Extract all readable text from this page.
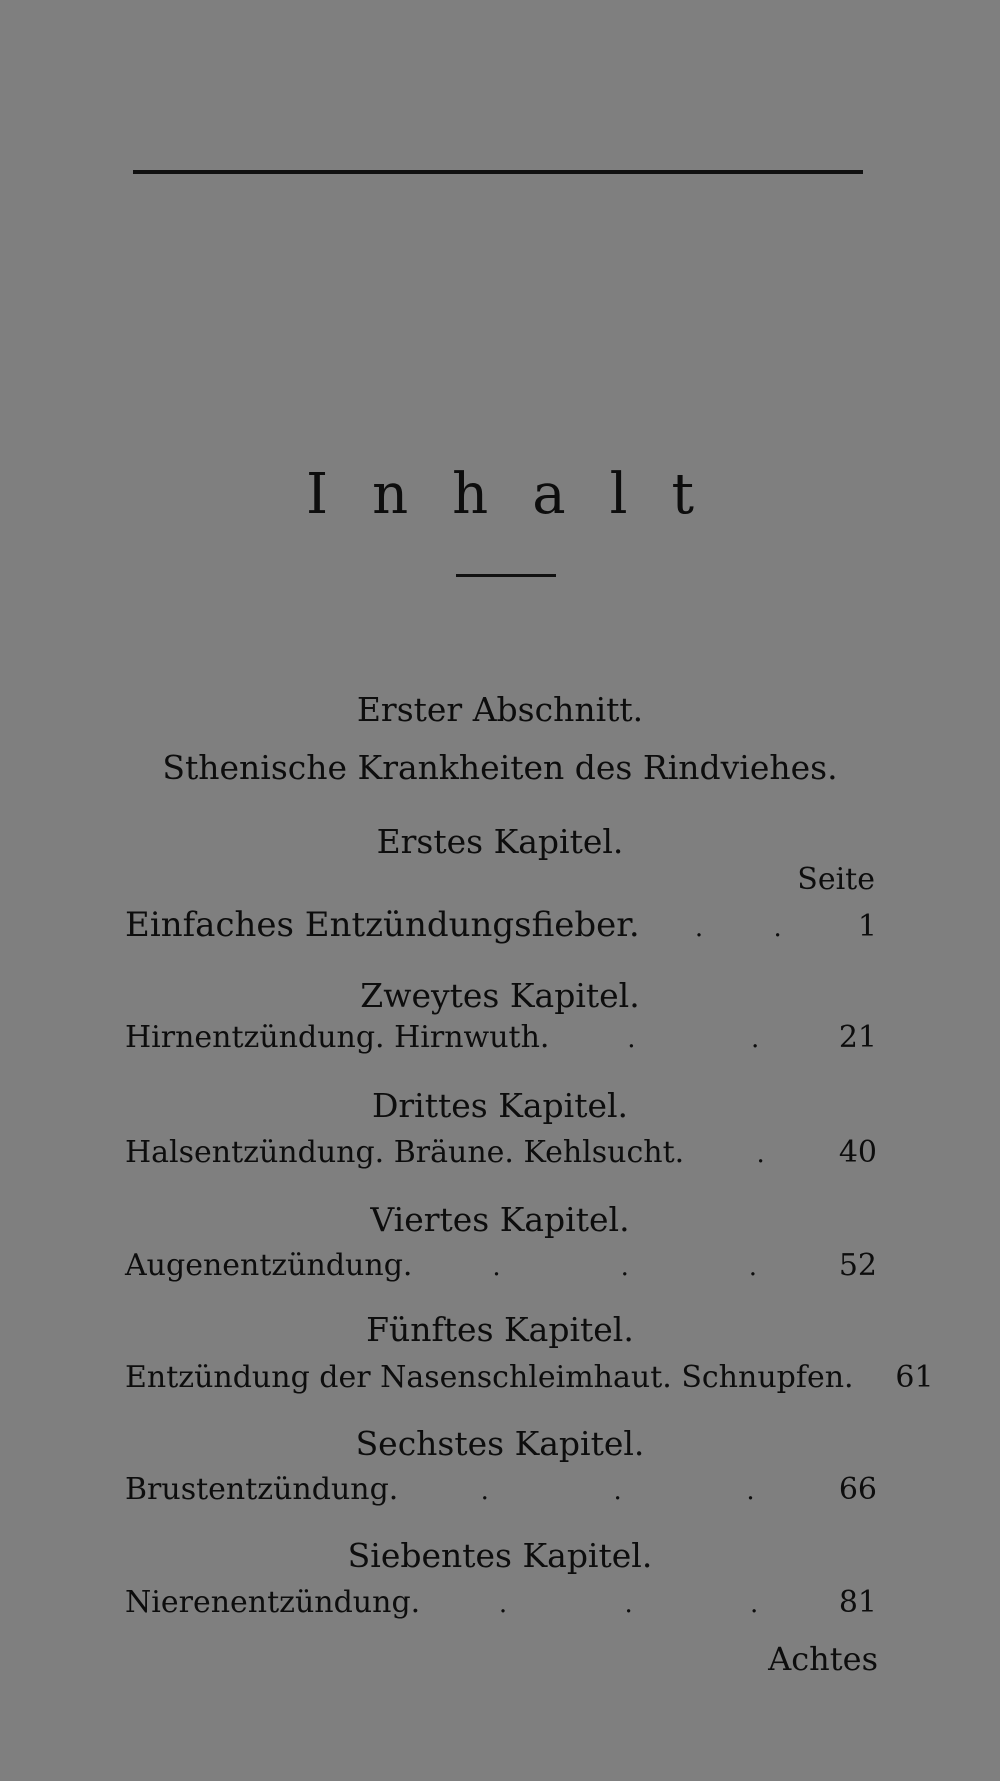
Inhalt
Erster Abschnitt.
Sthenische Krankheiten des Rindviehes.
Erstes Kapitel.
Seite
Einfaches Entzündungsfieber. .	.	1
Zweytes Kapitel.
Hirnentzündung. Hirnwuth.	.	.	21
Drittes Kapitel.
Halsentzündung. Bräune. Kehlsucht.	. 40
Viertes Kapitel.
Augenentzündung.	.	.	.	52
Fünftes Kapitel.
Entzündung der Nasenschleimhaut. Schnupfen. 61
Sechstes Kapitel.
Brustentzündung.	.	.	.	66
Siebentes Kapitel.
Nierenentzündung.	.	.	.	81
Achtes
